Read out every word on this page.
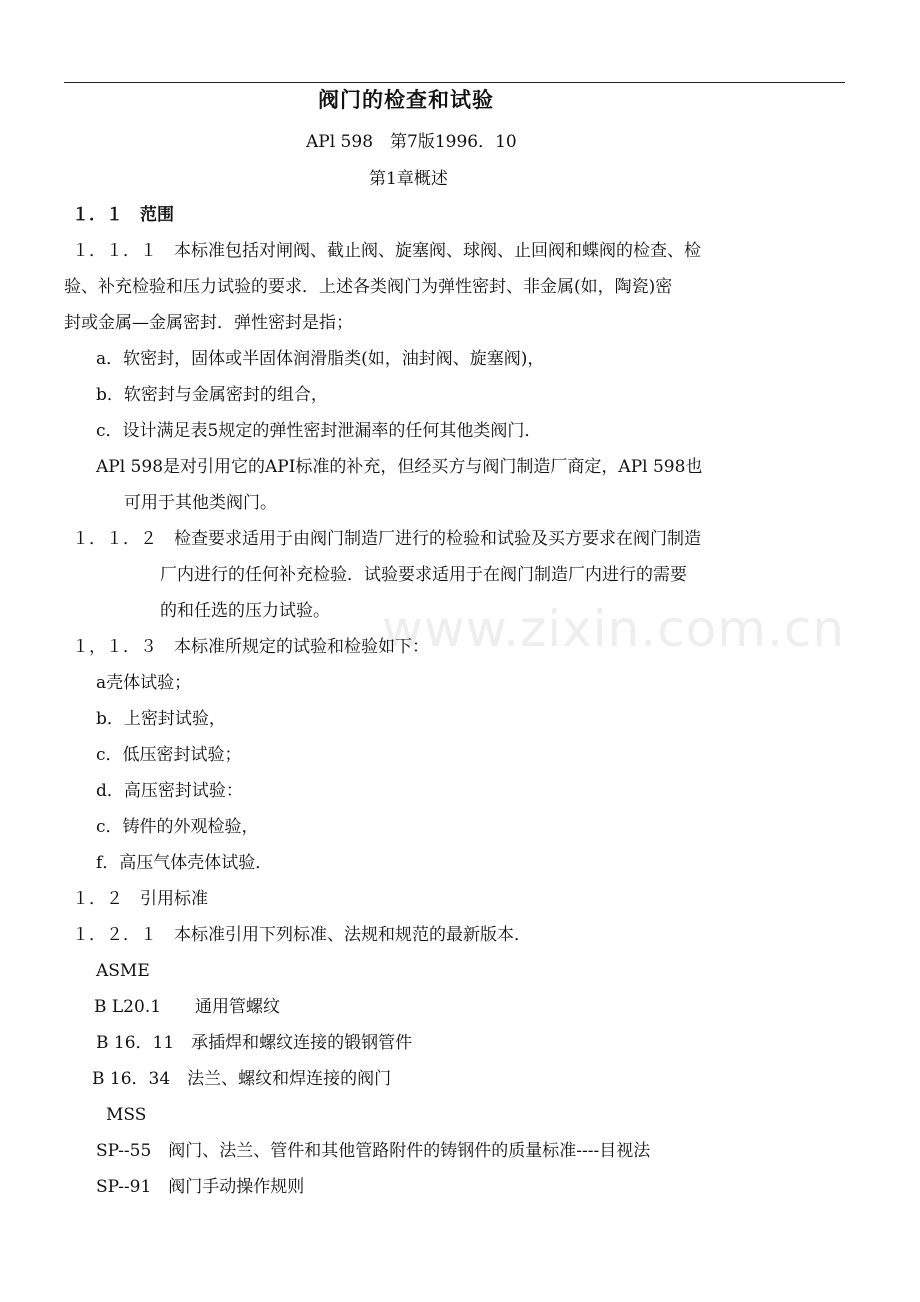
www.zixin.com.cn
阀门的检查和试验
APl 598　第7版1996．10
第1章概述
１．１　范围
１．１．１　本标准包括对闸阀、截止阀、旋塞阀、球阀、止回阀和蝶阀的检查、检
验、补充检验和压力试验的要求．上述各类阀门为弹性密封、非金属(如，陶瓷)密
封或金属—金属密封．弹性密封是指；
a．软密封，固体或半固体润滑脂类(如，油封阀、旋塞阀)，
b．软密封与金属密封的组合，
c．设计满足表5规定的弹性密封泄漏率的任何其他类阀门．
APl 598是对引用它的API标准的补充，但经买方与阀门制造厂商定，APl 598也
可用于其他类阀门。
１．１．２　检查要求适用于由阀门制造厂进行的检验和试验及买方要求在阀门制造
厂内进行的任何补充检验．试验要求适用于在阀门制造厂内进行的需要
的和任选的压力试验。
１，１．３　本标准所规定的试验和检验如下：
a壳体试验；
b．上密封试验，
c．低压密封试验；
d．高压密封试验：
c．铸件的外观检验，
f．高压气体壳体试验．
１．２　引用标准
１．２．１　本标准引用下列标准、法规和规范的最新版本．
ASME
B L20.1　　通用管螺纹
B 16．11　承插焊和螺纹连接的锻钢管件
B 16．34　法兰、螺纹和焊连接的阀门
MSS
SP--55　阀门、法兰、管件和其他管路附件的铸钢件的质量标准----目视法
SP--91　阀门手动操作规则
